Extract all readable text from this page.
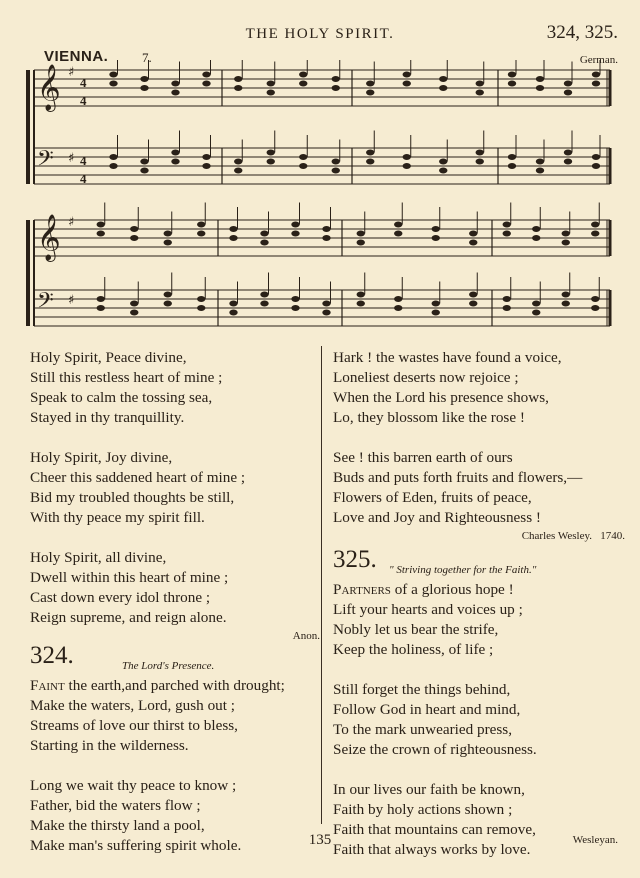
THE HOLY SPIRIT.	324, 325.
VIENNA.	7.	German.
𝄞 ♯
4
4
𝄢 ♯ 4
4
𝄞 ♯
𝄢 ♯
Holy Spirit, Peace divine,
Still this restless heart of mine ;
Speak to calm the tossing sea,
Stayed in thy tranquillity.
Holy Spirit, Joy divine,
Cheer this saddened heart of mine ;
Bid my troubled thoughts be still,
With thy peace my spirit fill.
Holy Spirit, all divine,
Dwell within this heart of mine ;
Cast down every idol throne ;
Reign supreme, and reign alone.
Anon.
324.	The Lord's Presence.
Faint the earth,and parched with drought;
Make the waters, Lord, gush out ;
Streams of love our thirst to bless,
Starting in the wilderness.
Long we wait thy peace to know ;
Father, bid the waters flow ;
Make the thirsty land a pool,
Make man's suffering spirit whole.
Hark ! the wastes have found a voice,
Loneliest deserts now rejoice ;
When the Lord his presence shows,
Lo, they blossom like the rose !
See ! this barren earth of ours
Buds and puts forth fruits and flowers,—
Flowers of Eden, fruits of peace,
Love and Joy and Righteousness !
Charles Wesley. 1740.
325. " Striving together for the Faith."
Partners of a glorious hope !
Lift your hearts and voices up ;
Nobly let us bear the strife,
Keep the holiness, of life ;
Still forget the things behind,
Follow God in heart and mind,
To the mark unwearied press,
Seize the crown of righteousness.
In our lives our faith be known,
Faith by holy actions shown ;
Faith that mountains can remove,
Faith that always works by love.
135	Wesleyan.
